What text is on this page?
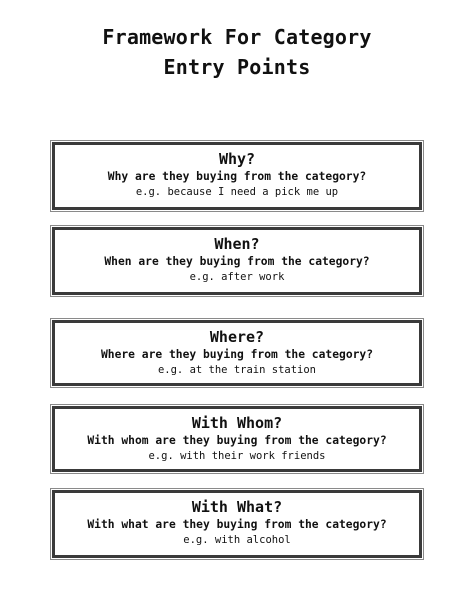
Framework For Category
Entry Points
Why?
Why are they buying from the category?
e.g. because I need a pick me up
When?
When are they buying from the category?
e.g. after work
Where?
Where are they buying from the category?
e.g. at the train station
With Whom?
With whom are they buying from the category?
e.g. with their work friends
With What?
With what are they buying from the category?
e.g. with alcohol
